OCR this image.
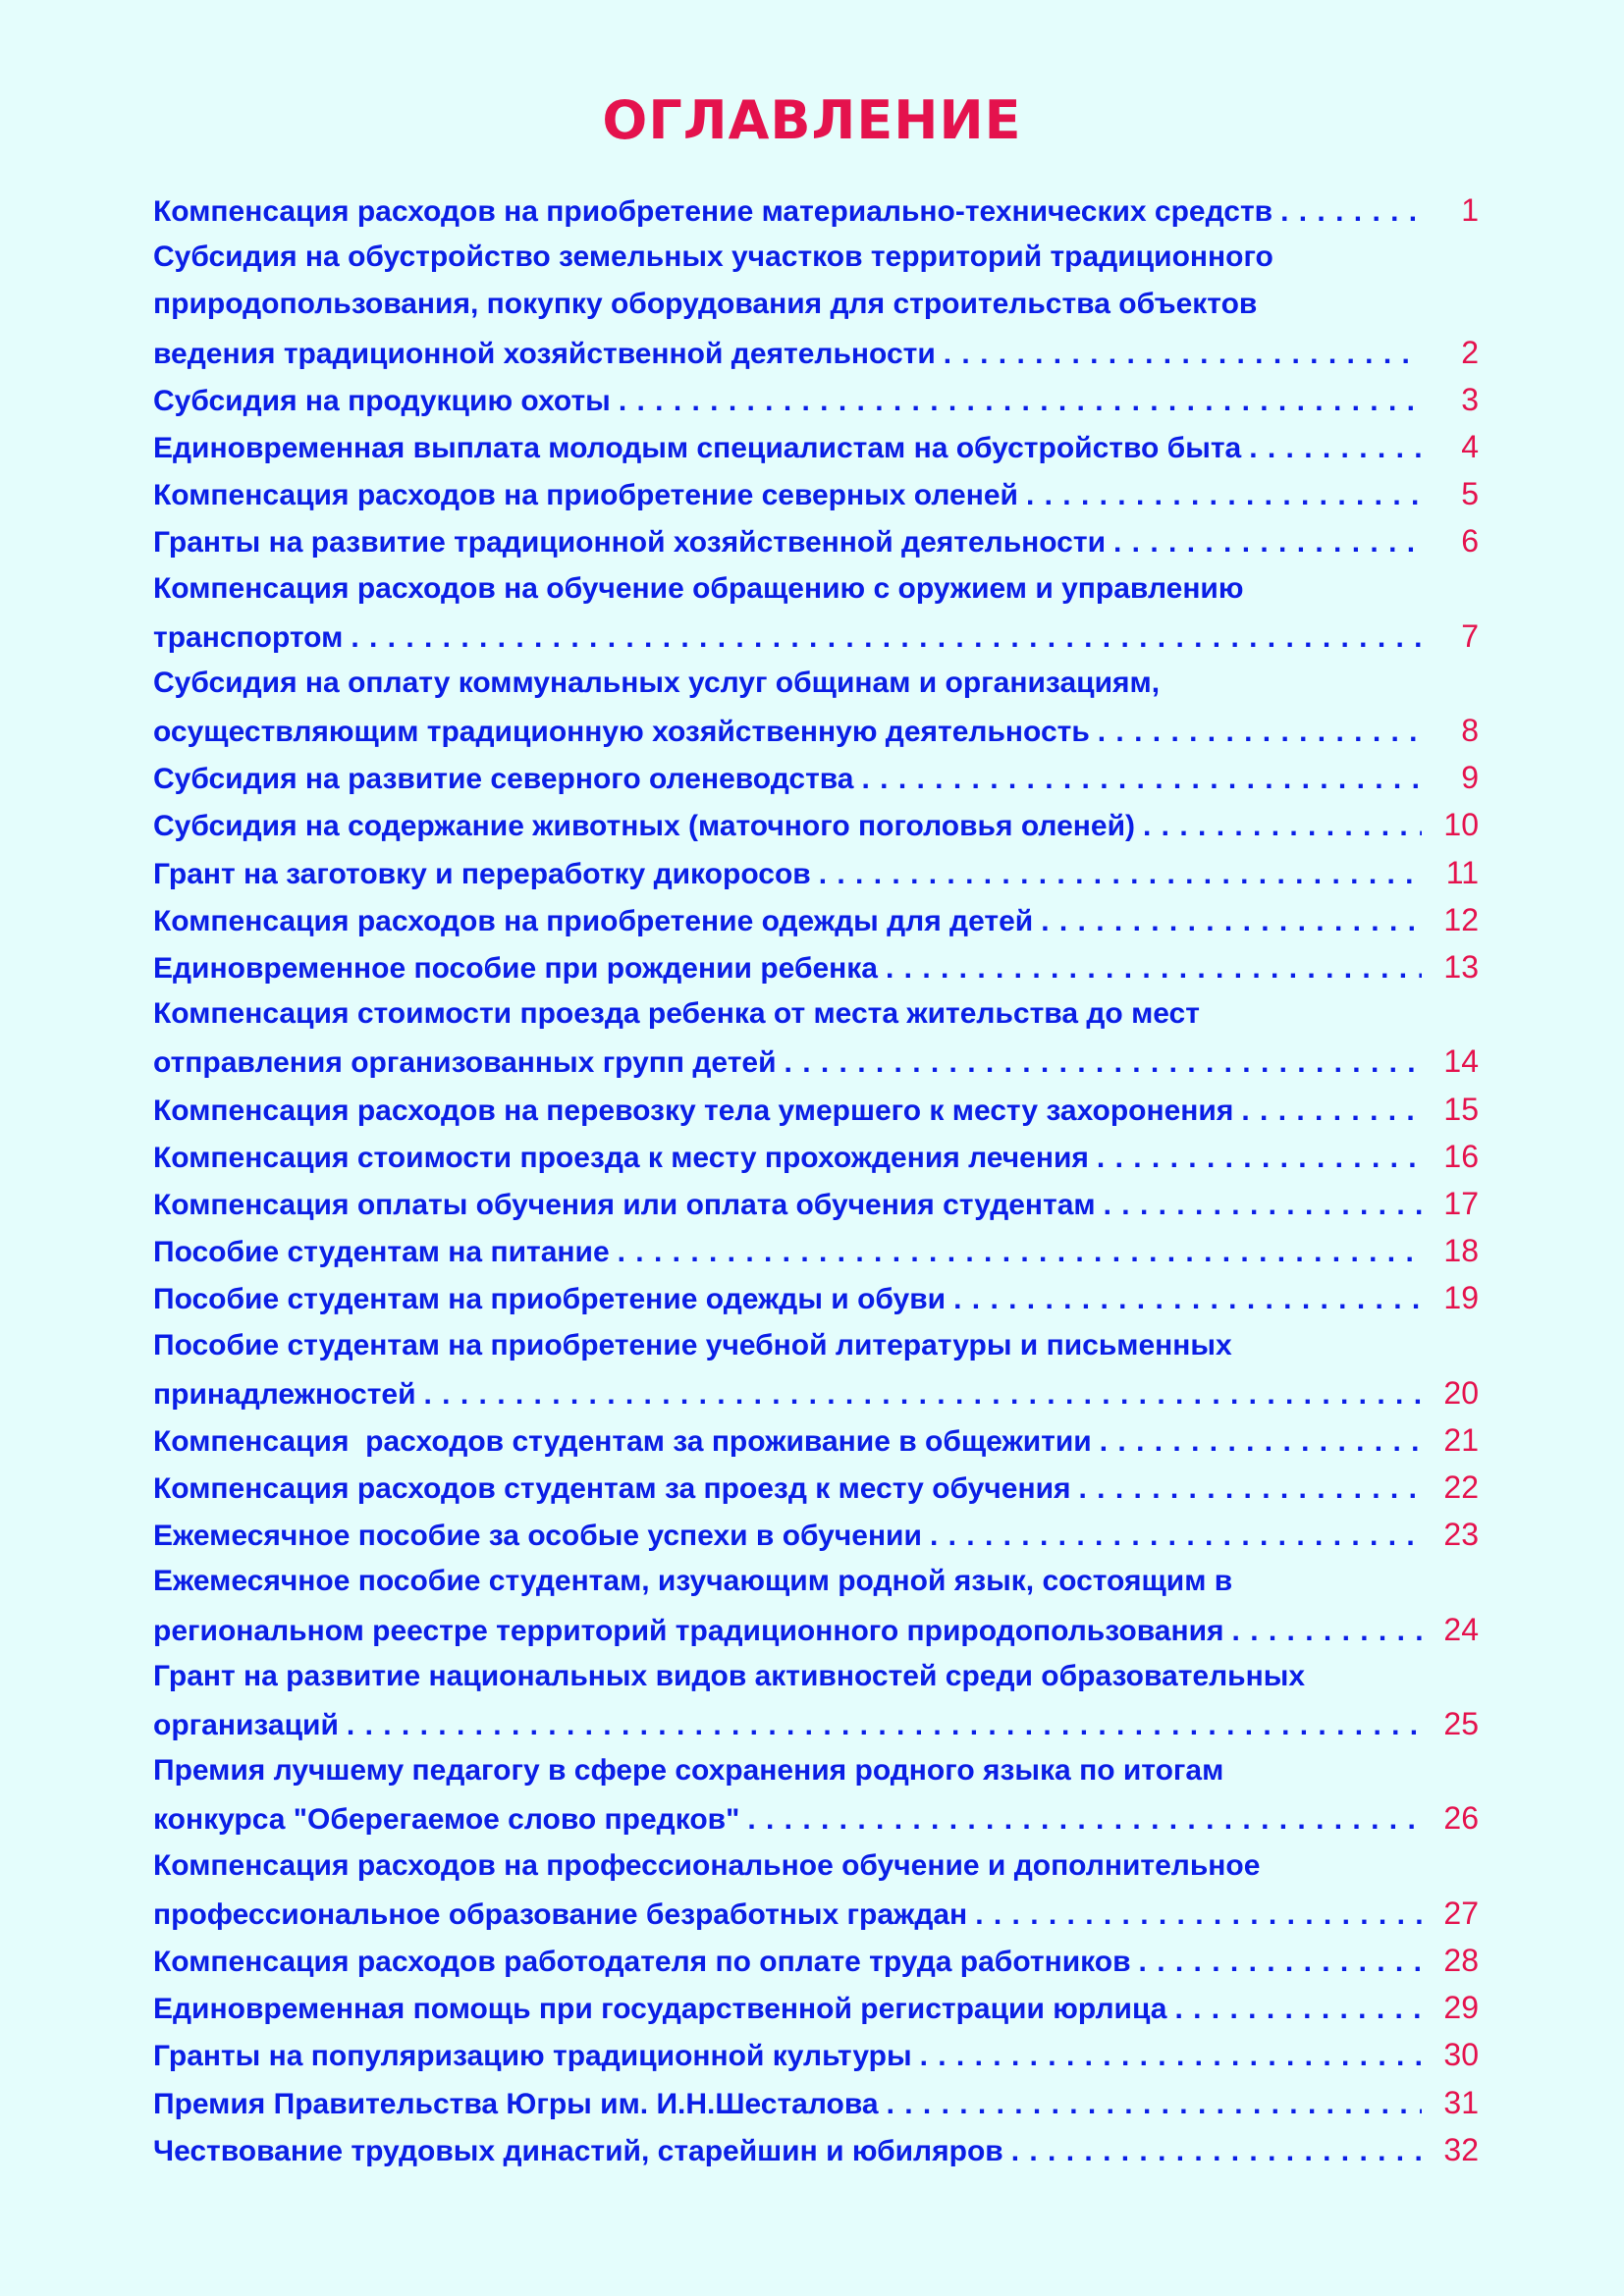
ОГЛАВЛЕНИЕ
Компенсация расходов на приобретение материально-технических средств . . .	1
Субсидия на обустройство земельных участков территорий традиционного
природопользования, покупку оборудования для строительства объектов
ведения традиционной хозяйственной деятельности . . .	2
Субсидия на продукцию охоты . . .	3
Единовременная выплата молодым специалистам на обустройство быта . . .	4
Компенсация расходов на приобретение северных оленей . . .	5
Гранты на развитие традиционной хозяйственной деятельности . . .	6
Компенсация расходов на обучение обращению с оружием и управлению
транспортом . . .	7
Субсидия на оплату коммунальных услуг общинам и организациям,
осуществляющим традиционную хозяйственную деятельность . . .	8
Субсидия на развитие северного оленеводства . . .	9
Субсидия на содержание животных (маточного поголовья оленей) . . .	10
Грант на заготовку и переработку дикоросов . . .	11
Компенсация расходов на приобретение одежды для детей . . .	12
Единовременное пособие при рождении ребенка . . .	13
Компенсация стоимости проезда ребенка от места жительства до мест
отправления организованных групп детей . . .	14
Компенсация расходов на перевозку тела умершего к месту захоронения . . .	15
Компенсация стоимости проезда к месту прохождения лечения . . .	16
Компенсация оплаты обучения или оплата обучения студентам . . .	17
Пособие студентам на питание . . .	18
Пособие студентам на приобретение одежды и обуви . . .	19
Пособие студентам на приобретение учебной литературы и письменных
принадлежностей . . .	20
Компенсация  расходов студентам за проживание в общежитии . . .	21
Компенсация расходов студентам за проезд к месту обучения . . .	22
Ежемесячное пособие за особые успехи в обучении . . .	23
Ежемесячное пособие студентам, изучающим родной язык, состоящим в
региональном реестре территорий традиционного природопользования . . .	24
Грант на развитие национальных видов активностей среди образовательных
организаций . . .	25
Премия лучшему педагогу в сфере сохранения родного языка по итогам
конкурса "Оберегаемое слово предков" . . .	26
Компенсация расходов на профессиональное обучение и дополнительное
профессиональное образование безработных граждан . . .	27
Компенсация расходов работодателя по оплате труда работников . . .	28
Единовременная помощь при государственной регистрации юрлица . . .	29
Гранты на популяризацию традиционной культуры . . .	30
Премия Правительства Югры им. И.Н.Шесталова . . .	31
Чествование трудовых династий, старейшин и юбиляров . . .	32
